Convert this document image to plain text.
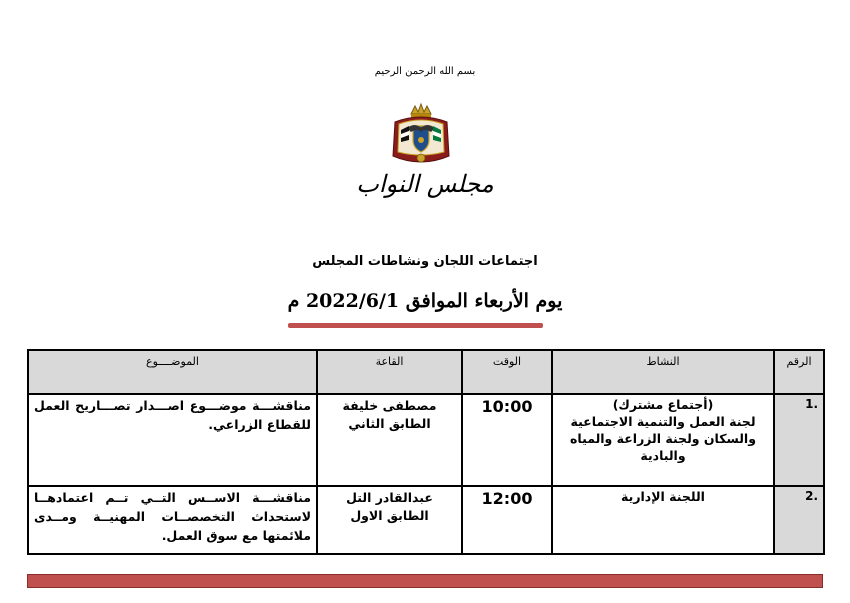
بسم الله الرحمن الرحيم
مجلس النواب
اجتماعات اللجان ونشاطات المجلس
يوم الأربعاء الموافق 2022/6/1 م
الرقم	النشاط	الوقت	القاعة	الموضــــوع
.1	(أجتماع مشترك)
لجنة العمل والتنمية الاجتماعية
والسكان ولجنة الزراعة والمياه
والبادية	10:00	مصطفى خليفة
الطابق الثاني	مناقشـــة موضـــوع اصـــدار تصـــاريح العمل للقطاع الزراعي.
.2	اللجنة الإدارية	12:00	عبدالقادر التل
الطابق الاول	مناقشـــة الاســس التــي تــم اعتمادهــا لاستحداث التخصصــات المهنيــة ومــدى ملائمتها مع سوق العمل.
